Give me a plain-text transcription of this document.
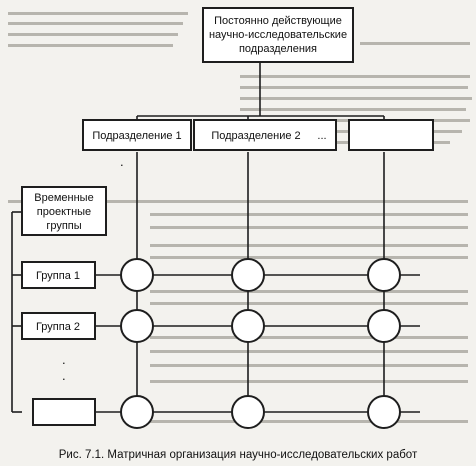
Постоянно действующие
научно-исследовательские
подразделения
Подразделение 1	Подразделение 2 ...
.
Временные
проектные
группы
Группа 1
Группа 2
.
.
Рис. 7.1. Матричная организация научно-исследовательских работ
